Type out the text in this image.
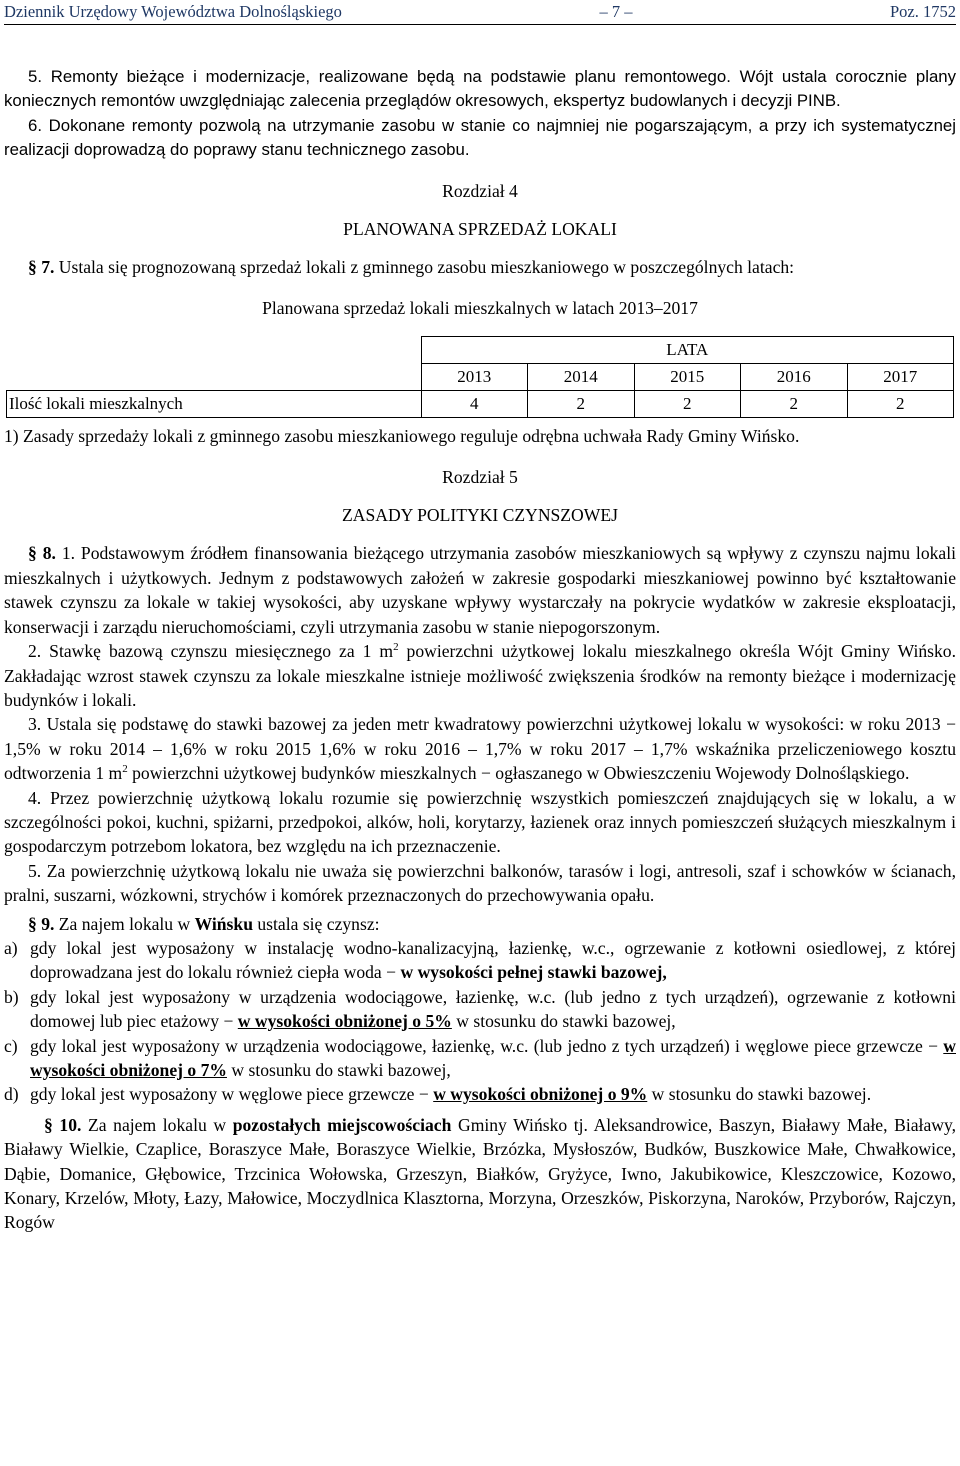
Dziennik Urzędowy Województwa Dolnośląskiego	– 7 –	Poz. 1752

5. Remonty bieżące i modernizacje, realizowane będą na podstawie planu remontowego. Wójt ustala corocznie plany koniecznych remontów uwzględniając zalecenia przeglądów okresowych, ekspertyz budowlanych i decyzji PINB.

6. Dokonane remonty pozwolą na utrzymanie zasobu w stanie co najmniej nie pogarszającym, a przy ich systematycznej realizacji doprowadzą do poprawy stanu technicznego zasobu.

Rozdział 4
PLANOWANA SPRZEDAŻ LOKALI

§ 7. Ustala się prognozowaną sprzedaż lokali z gminnego zasobu mieszkaniowego w poszczególnych latach:

Planowana sprzedaż lokali mieszkalnych w latach 2013–2017
	LATA				
	2013	2014	2015	2016	2017
Ilość lokali mieszkalnych	4	2	2	2	2

1) Zasady sprzedaży lokali z gminnego zasobu mieszkaniowego reguluje odrębna uchwała Rady Gminy Wińsko.

Rozdział 5
ZASADY POLITYKI CZYNSZOWEJ

§ 8. 1. Podstawowym źródłem finansowania bieżącego utrzymania zasobów mieszkaniowych są wpływy z czynszu najmu lokali mieszkalnych i użytkowych. Jednym z podstawowych założeń w zakresie gospodarki mieszkaniowej powinno być kształtowanie stawek czynszu za lokale w takiej wysokości, aby uzyskane wpływy wystarczały na pokrycie wydatków w zakresie eksploatacji, konserwacji i zarządu nieruchomościami, czyli utrzymania zasobu w stanie niepogorszonym.

2. Stawkę bazową czynszu miesięcznego za 1 $m^2$ powierzchni użytkowej lokalu mieszkalnego określa Wójt Gminy Wińsko. Zakładając wzrost stawek czynszu za lokale mieszkalne istnieje możliwość zwiększenia środków na remonty bieżące i modernizację budynków i lokali.

3. Ustala się podstawę do stawki bazowej za jeden metr kwadratowy powierzchni użytkowej lokalu w wysokości: w roku 2013 − 1,5% w roku 2014 – 1,6% w roku 2015 1,6% w roku 2016 – 1,7% w roku 2017 – 1,7% wskaźnika przeliczeniowego kosztu odtworzenia 1 $m^2$ powierzchni użytkowej budynków mieszkalnych − ogłaszanego w Obwieszczeniu Wojewody Dolnośląskiego.

4. Przez powierzchnię użytkową lokalu rozumie się powierzchnię wszystkich pomieszczeń znajdujących się w lokalu, a w szczególności pokoi, kuchni, spiżarni, przedpokoi, alków, holi, korytarzy, łazienek oraz innych pomieszczeń służących mieszkalnym i gospodarczym potrzebom lokatora, bez względu na ich przeznaczenie.

5. Za powierzchnię użytkową lokalu nie uważa się powierzchni balkonów, tarasów i logi, antresoli, szaf i schowków w ścianach, pralni, suszarni, wózkowni, strychów i komórek przeznaczonych do przechowywania opału.

§ 9. Za najem lokalu w Wińsku ustala się czynsz:

a) gdy lokal jest wyposażony w instalację wodno-kanalizacyjną, łazienkę, w.c., ogrzewanie z kotłowni osiedlowej, z której doprowadzana jest do lokalu również ciepła woda − w wysokości pełnej stawki bazowej,
b) gdy lokal jest wyposażony w urządzenia wodociągowe, łazienkę, w.c. (lub jedno z tych urządzeń), ogrzewanie z kotłowni domowej lub piec etażowy − w wysokości obniżonej o 5% w stosunku do stawki bazowej,
c) gdy lokal jest wyposażony w urządzenia wodociągowe, łazienkę, w.c. (lub jedno z tych urządzeń) i węglowe piece grzewcze − w wysokości obniżonej o 7% w stosunku do stawki bazowej,
d) gdy lokal jest wyposażony w węglowe piece grzewcze − w wysokości obniżonej o 9% w stosunku do stawki bazowej.

§ 10. Za najem lokalu w pozostałych miejscowościach Gminy Wińsko tj. Aleksandrowice, Baszyn, Białawy Małe, Białawy, Białawy Wielkie, Czaplice, Boraszyce Małe, Boraszyce Wielkie, Brzózka, Mysłoszów, Budków, Buszkowice Małe, Chwałkowice, Dąbie, Domanice, Głębowice, Trzcinica Wołowska, Grzeszyn, Białków, Gryżyce, Iwno, Jakubikowice, Kleszczowice, Kozowo, Konary, Krzelów, Młoty, Łazy, Małowice, Moczydlnica Klasztorna, Morzyna, Orzeszków, Piskorzyna, Naroków, Przyborów, Rajczyn, Rogów
